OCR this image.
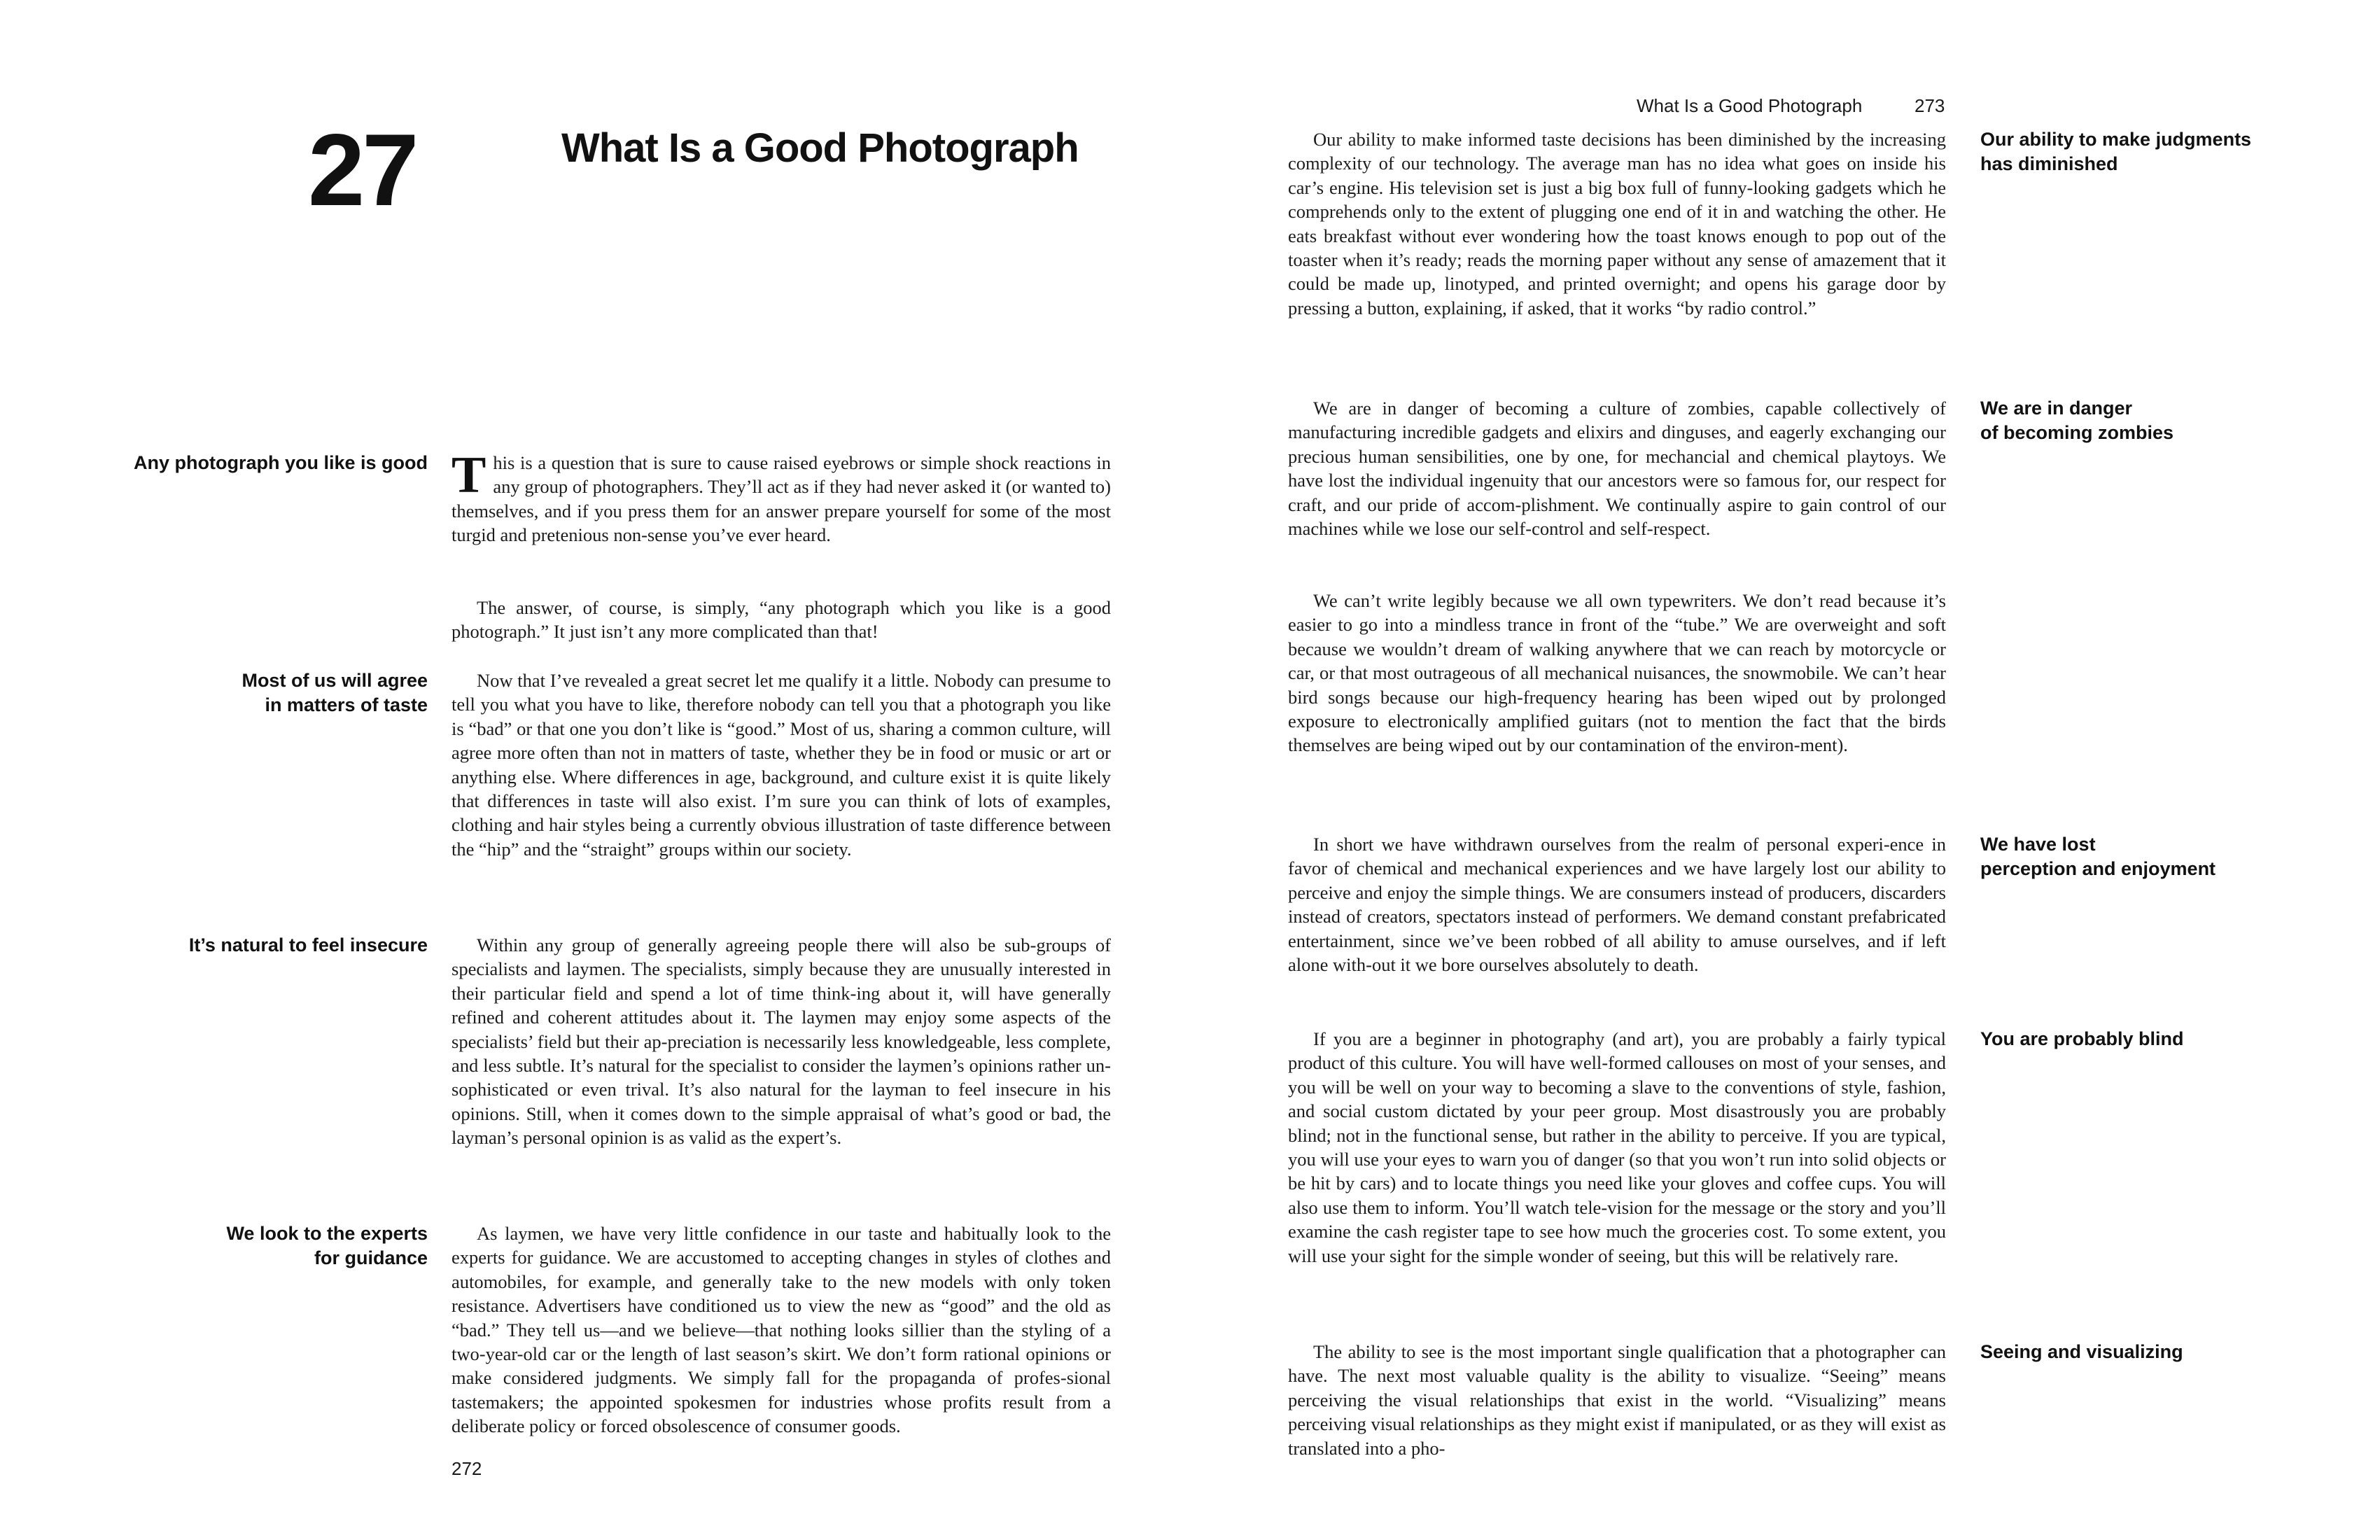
27	What Is a Good Photograph
Any photograph you like is good
Most of us will agree
in matters of taste
It’s natural to feel insecure
We look to the experts
for guidance

This is a question that is sure to cause raised eyebrows or simple shock reactions in any group of photographers. They’ll act as if they had never asked it (or wanted to) themselves, and if you press them for an answer prepare yourself for some of the most turgid and pretenious non-sense you’ve ever heard.

The answer, of course, is simply, “any photograph which you like is a good photograph.” It just isn’t any more complicated than that!

Now that I’ve revealed a great secret let me qualify it a little. Nobody can presume to tell you what you have to like, therefore nobody can tell you that a photograph you like is “bad” or that one you don’t like is “good.” Most of us, sharing a common culture, will agree more often than not in matters of taste, whether they be in food or music or art or anything else. Where differences in age, background, and culture exist it is quite likely that differences in taste will also exist. I’m sure you can think of lots of examples, clothing and hair styles being a currently obvious illustration of taste difference between the “hip” and the “straight” groups within our society.

Within any group of generally agreeing people there will also be sub-groups of specialists and laymen. The specialists, simply because they are unusually interested in their particular field and spend a lot of time think-ing about it, will have generally refined and coherent attitudes about it. The laymen may enjoy some aspects of the specialists’ field but their ap-preciation is necessarily less knowledgeable, less complete, and less subtle. It’s natural for the specialist to consider the laymen’s opinions rather un-sophisticated or even trival. It’s also natural for the layman to feel insecure in his opinions. Still, when it comes down to the simple appraisal of what’s good or bad, the layman’s personal opinion is as valid as the expert’s.

As laymen, we have very little confidence in our taste and habitually look to the experts for guidance. We are accustomed to accepting changes in styles of clothes and automobiles, for example, and generally take to the new models with only token resistance. Advertisers have conditioned us to view the new as “good” and the old as “bad.” They tell us—and we believe—that nothing looks sillier than the styling of a two-year-old car or the length of last season’s skirt. We don’t form rational opinions or make considered judgments. We simply fall for the propaganda of profes-sional tastemakers; the appointed spokesmen for industries whose profits result from a deliberate policy or forced obsolescence of consumer goods.

272
What Is a Good Photograph	273
Our ability to make judgments
has diminished
We are in danger
of becoming zombies
We have lost
perception and enjoyment
You are probably blind
Seeing and visualizing

Our ability to make informed taste decisions has been diminished by the increasing complexity of our technology. The average man has no idea what goes on inside his car’s engine. His television set is just a big box full of funny-looking gadgets which he comprehends only to the extent of plugging one end of it in and watching the other. He eats breakfast without ever wondering how the toast knows enough to pop out of the toaster when it’s ready; reads the morning paper without any sense of amazement that it could be made up, linotyped, and printed overnight; and opens his garage door by pressing a button, explaining, if asked, that it works “by radio control.”

We are in danger of becoming a culture of zombies, capable collectively of manufacturing incredible gadgets and elixirs and dinguses, and eagerly exchanging our precious human sensibilities, one by one, for mechancial and chemical playtoys. We have lost the individual ingenuity that our ancestors were so famous for, our respect for craft, and our pride of accom-plishment. We continually aspire to gain control of our machines while we lose our self-control and self-respect.

We can’t write legibly because we all own typewriters. We don’t read because it’s easier to go into a mindless trance in front of the “tube.” We are overweight and soft because we wouldn’t dream of walking anywhere that we can reach by motorcycle or car, or that most outrageous of all mechanical nuisances, the snowmobile. We can’t hear bird songs because our high-frequency hearing has been wiped out by prolonged exposure to electronically amplified guitars (not to mention the fact that the birds themselves are being wiped out by our contamination of the environ-ment).

In short we have withdrawn ourselves from the realm of personal experi-ence in favor of chemical and mechanical experiences and we have largely lost our ability to perceive and enjoy the simple things. We are consumers instead of producers, discarders instead of creators, spectators instead of performers. We demand constant prefabricated entertainment, since we’ve been robbed of all ability to amuse ourselves, and if left alone with-out it we bore ourselves absolutely to death.

If you are a beginner in photography (and art), you are probably a fairly typical product of this culture. You will have well-formed callouses on most of your senses, and you will be well on your way to becoming a slave to the conventions of style, fashion, and social custom dictated by your peer group. Most disastrously you are probably blind; not in the functional sense, but rather in the ability to perceive. If you are typical, you will use your eyes to warn you of danger (so that you won’t run into solid objects or be hit by cars) and to locate things you need like your gloves and coffee cups. You will also use them to inform. You’ll watch tele-vision for the message or the story and you’ll examine the cash register tape to see how much the groceries cost. To some extent, you will use your sight for the simple wonder of seeing, but this will be relatively rare.

The ability to see is the most important single qualification that a photographer can have. The next most valuable quality is the ability to visualize. “Seeing” means perceiving the visual relationships that exist in the world. “Visualizing” means perceiving visual relationships as they might exist if manipulated, or as they will exist as translated into a pho-
